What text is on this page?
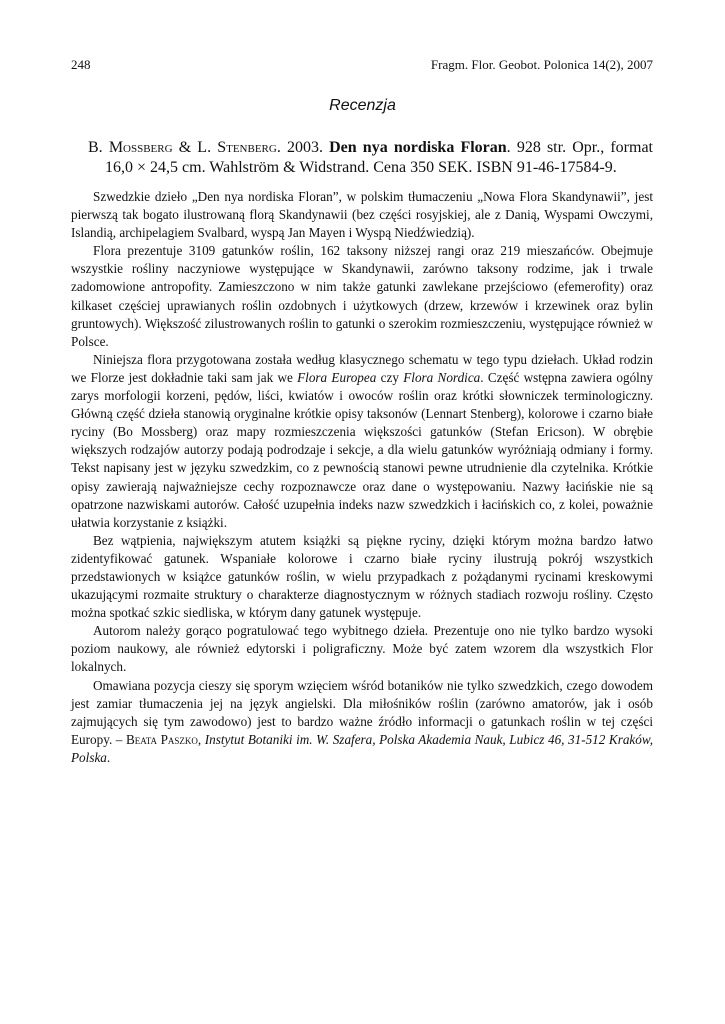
248	Fragm. Flor. Geobot. Polonica 14(2), 2007
Recenzja

B. Mossberg & L. Stenberg. 2003. Den nya nordiska Floran. 928 str. Opr., format 16,0 × 24,5 cm. Wahlström & Widstrand. Cena 350 SEK. ISBN 91-46-17584-9.

Szwedzkie dzieło „Den nya nordiska Floran”, w polskim tłumaczeniu „Nowa Flora Skandynawii”, jest pierwszą tak bogato ilustrowaną florą Skandynawii (bez części rosyjskiej, ale z Danią, Wyspami Owczymi, Islandią, archipelagiem Svalbard, wyspą Jan Mayen i Wyspą Niedźwiedzią).

Flora prezentuje 3109 gatunków roślin, 162 taksony niższej rangi oraz 219 mieszańców. Obejmuje wszystkie rośliny naczyniowe występujące w Skandynawii, zarówno taksony rodzime, jak i trwale zadomowione antropofity. Zamieszczono w nim także gatunki zawlekane przejściowo (efemerofity) oraz kilkaset częściej uprawianych roślin ozdobnych i użytkowych (drzew, krzewów i krzewinek oraz bylin gruntowych). Większość zilustrowanych roślin to gatunki o szerokim rozmieszczeniu, występujące również w Polsce.

Niniejsza flora przygotowana została według klasycznego schematu w tego typu dziełach. Układ rodzin we Florze jest dokładnie taki sam jak we Flora Europea czy Flora Nordica. Część wstępna zawiera ogólny zarys morfologii korzeni, pędów, liści, kwiatów i owoców roślin oraz krótki słowniczek terminologiczny. Główną część dzieła stanowią oryginalne krótkie opisy taksonów (Lennart Stenberg), kolorowe i czarno białe ryciny (Bo Mossberg) oraz mapy rozmieszczenia większości gatunków (Stefan Ericson). W obrębie większych rodzajów autorzy podają podrodzaje i sekcje, a dla wielu gatunków wyróżniają odmiany i formy. Tekst napisany jest w języku szwedzkim, co z pewnością stanowi pewne utrudnienie dla czytelnika. Krótkie opisy zawierają najważniejsze cechy rozpoznawcze oraz dane o występowaniu. Nazwy łacińskie nie są opatrzone nazwiskami autorów. Całość uzupełnia indeks nazw szwedzkich i łacińskich co, z kolei, poważnie ułatwia korzystanie z książki.

Bez wątpienia, największym atutem książki są piękne ryciny, dzięki którym można bardzo łatwo zidentyfikować gatunek. Wspaniałe kolorowe i czarno białe ryciny ilustrują pokrój wszystkich przedstawionych w książce gatunków roślin, w wielu przypadkach z pożądanymi rycinami kreskowymi ukazującymi rozmaite struktury o charakterze diagnostycznym w różnych stadiach rozwoju rośliny. Często można spotkać szkic siedliska, w którym dany gatunek występuje.

Autorom należy gorąco pogratulować tego wybitnego dzieła. Prezentuje ono nie tylko bardzo wysoki poziom naukowy, ale również edytorski i poligraficzny. Może być zatem wzorem dla wszystkich Flor lokalnych.

Omawiana pozycja cieszy się sporym wzięciem wśród botaników nie tylko szwedzkich, czego dowodem jest zamiar tłumaczenia jej na język angielski. Dla miłośników roślin (zarówno amatorów, jak i osób zajmujących się tym zawodowo) jest to bardzo ważne źródło informacji o gatunkach roślin w tej części Europy. – Beata Paszko, Instytut Botaniki im. W. Szafera, Polska Akademia Nauk, Lubicz 46, 31-512 Kraków, Polska.
